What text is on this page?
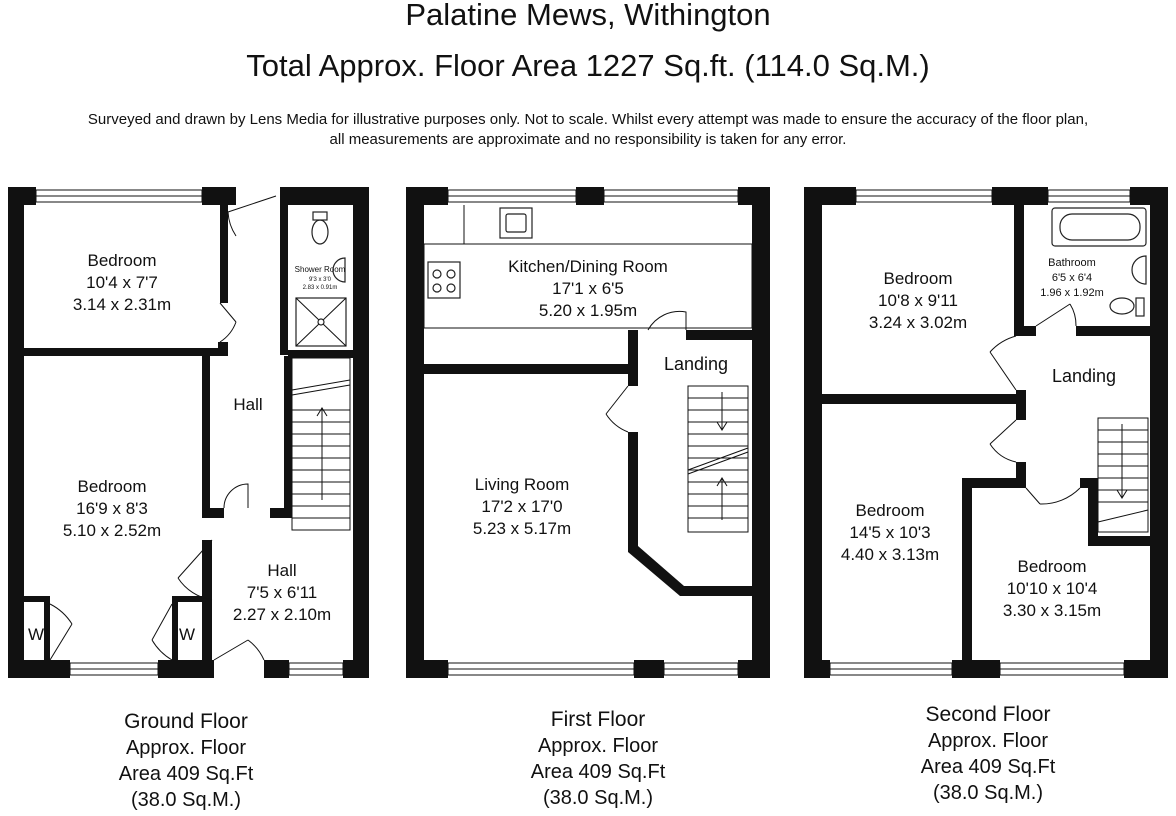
Palatine Mews, Withington
Total Approx. Floor Area 1227 Sq.ft. (114.0 Sq.M.)
Surveyed and drawn by Lens Media for illustrative purposes only. Not to scale. Whilst every attempt was made to ensure the accuracy of the floor plan,
all measurements are approximate and no responsibility is taken for any error.
Bedroom
10'4 x 7'7
3.14 x 2.31m
Hall
Shower Room
9'3 x 3'0
2.83 x 0.91m
Bedroom
16'9 x 8'3
5.10 x 2.52m
Hall
7'5 x 6'11
2.27 x 2.10m
W	W
Kitchen/Dining Room
17'1 x 6'5
5.20 x 1.95m
Landing
Living Room
17'2 x 17'0
5.23 x 5.17m
Bedroom
10'8 x 9'11
3.24 x 3.02m
Bathroom
6'5 x 6'4
1.96 x 1.92m
Landing
Bedroom
14'5 x 10'3
4.40 x 3.13m
Bedroom
10'10 x 10'4
3.30 x 3.15m
Ground Floor
Approx. Floor
Area 409 Sq.Ft
(38.0 Sq.M.)
First Floor
Approx. Floor
Area 409 Sq.Ft
(38.0 Sq.M.)
Second Floor
Approx. Floor
Area 409 Sq.Ft
(38.0 Sq.M.)
